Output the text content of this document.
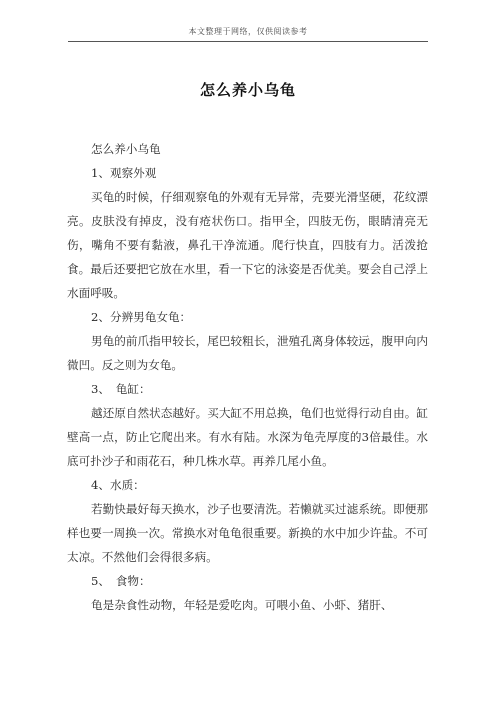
本文整理于网络，仅供阅读参考
怎么养小乌龟

怎么养小乌龟

1、观察外观

买龟的时候，仔细观察龟的外观有无异常，壳要光滑坚硬，花纹漂亮。皮肤没有掉皮，没有疮状伤口。指甲全，四肢无伤，眼睛清亮无伤，嘴角不要有黏液，鼻孔干净流通。爬行快直，四肢有力。活泼抢食。最后还要把它放在水里，看一下它的泳姿是否优美。要会自己浮上水面呼吸。

2、分辨男龟女龟：

男龟的前爪指甲较长，尾巴较粗长，泄殖孔离身体较远，腹甲向内微凹。反之则为女龟。

3、　龟缸：

越还原自然状态越好。买大缸不用总换，龟们也觉得行动自由。缸壁高一点，防止它爬出来。有水有陆。水深为龟壳厚度的3倍最佳。水底可扑沙子和雨花石，种几株水草。再养几尾小鱼。

4、水质：

若勤快最好每天换水，沙子也要清洗。若懒就买过滤系统。即便那样也要一周换一次。常换水对龟龟很重要。新换的水中加少许盐。不可太凉。不然他们会得很多病。

5、　食物：

龟是杂食性动物，年轻是爱吃肉。可喂小鱼、小虾、猪肝、
